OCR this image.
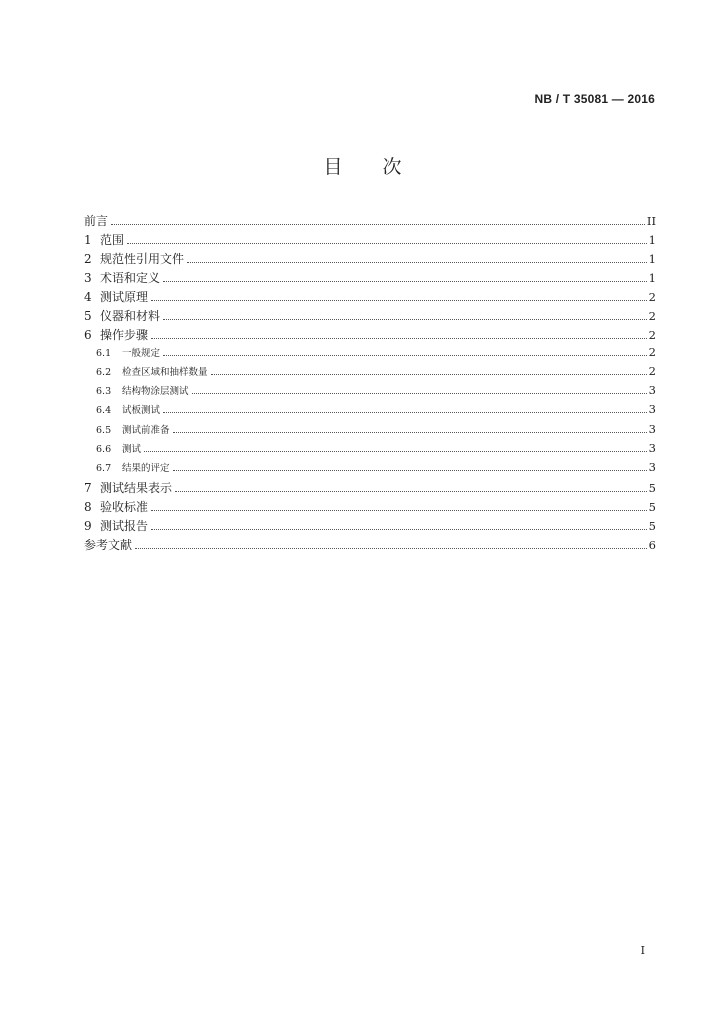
NB / T 35081 — 2016
目次
前言	II
1 范围	1
2 规范性引用文件	1
3 术语和定义	1
4 测试原理	2
5 仪器和材料	2
6 操作步骤	2
6.1	一般规定	2
6.2	检查区域和抽样数量	2
6.3	结构物涂层测试	3
6.4	试板测试	3
6.5	测试前准备	3
6.6	测试	3
6.7	结果的评定	3
7 测试结果表示	5
8 验收标准	5
9 测试报告	5
参考文献	6
I
